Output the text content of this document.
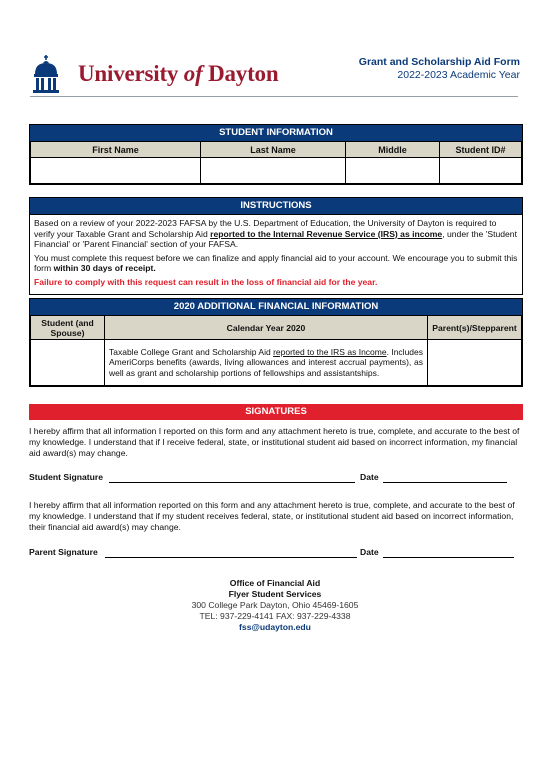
University of Dayton	Grant and Scholarship Aid Form
2022-2023 Academic Year
STUDENT INFORMATION
First Name	Last Name	Middle	Student ID#

INSTRUCTIONS

Based on a review of your 2022-2023 FAFSA by the U.S. Department of Education, the University of Dayton is required to verify your Taxable Grant and Scholarship Aid reported to the Internal Revenue Service (IRS) as income, under the 'Student Financial' or 'Parent Financial' section of your FAFSA.

You must complete this request before we can finalize and apply financial aid to your account. We encourage you to submit this form within 30 days of receipt.

Failure to comply with this request can result in the loss of financial aid for the year.

2020 ADDITIONAL FINANCIAL INFORMATION
Student (and Spouse)	Calendar Year 2020	Parent(s)/Stepparent
	Taxable College Grant and Scholarship Aid reported to the IRS as Income. Includes AmeriCorps benefits (awards, living allowances and interest accrual payments), as well as grant and scholarship portions of fellowships and assistantships.	
SIGNATURES
I hereby affirm that all information I reported on this form and any attachment hereto is true, complete, and accurate to the best of my knowledge. I understand that if I receive federal, state, or institutional student aid based on incorrect information, my financial aid award(s) may change.
Student Signature	Date
I hereby affirm that all information reported on this form and any attachment hereto is true, complete, and accurate to the best of my knowledge. I understand that if my student receives federal, state, or institutional student aid based on incorrect information, their financial aid award(s) may change.
Parent Signature	Date
Office of Financial Aid
Flyer Student Services
300 College Park Dayton, Ohio 45469-1605
TEL: 937-229-4141 FAX: 937-229-4338
fss@udayton.edu
